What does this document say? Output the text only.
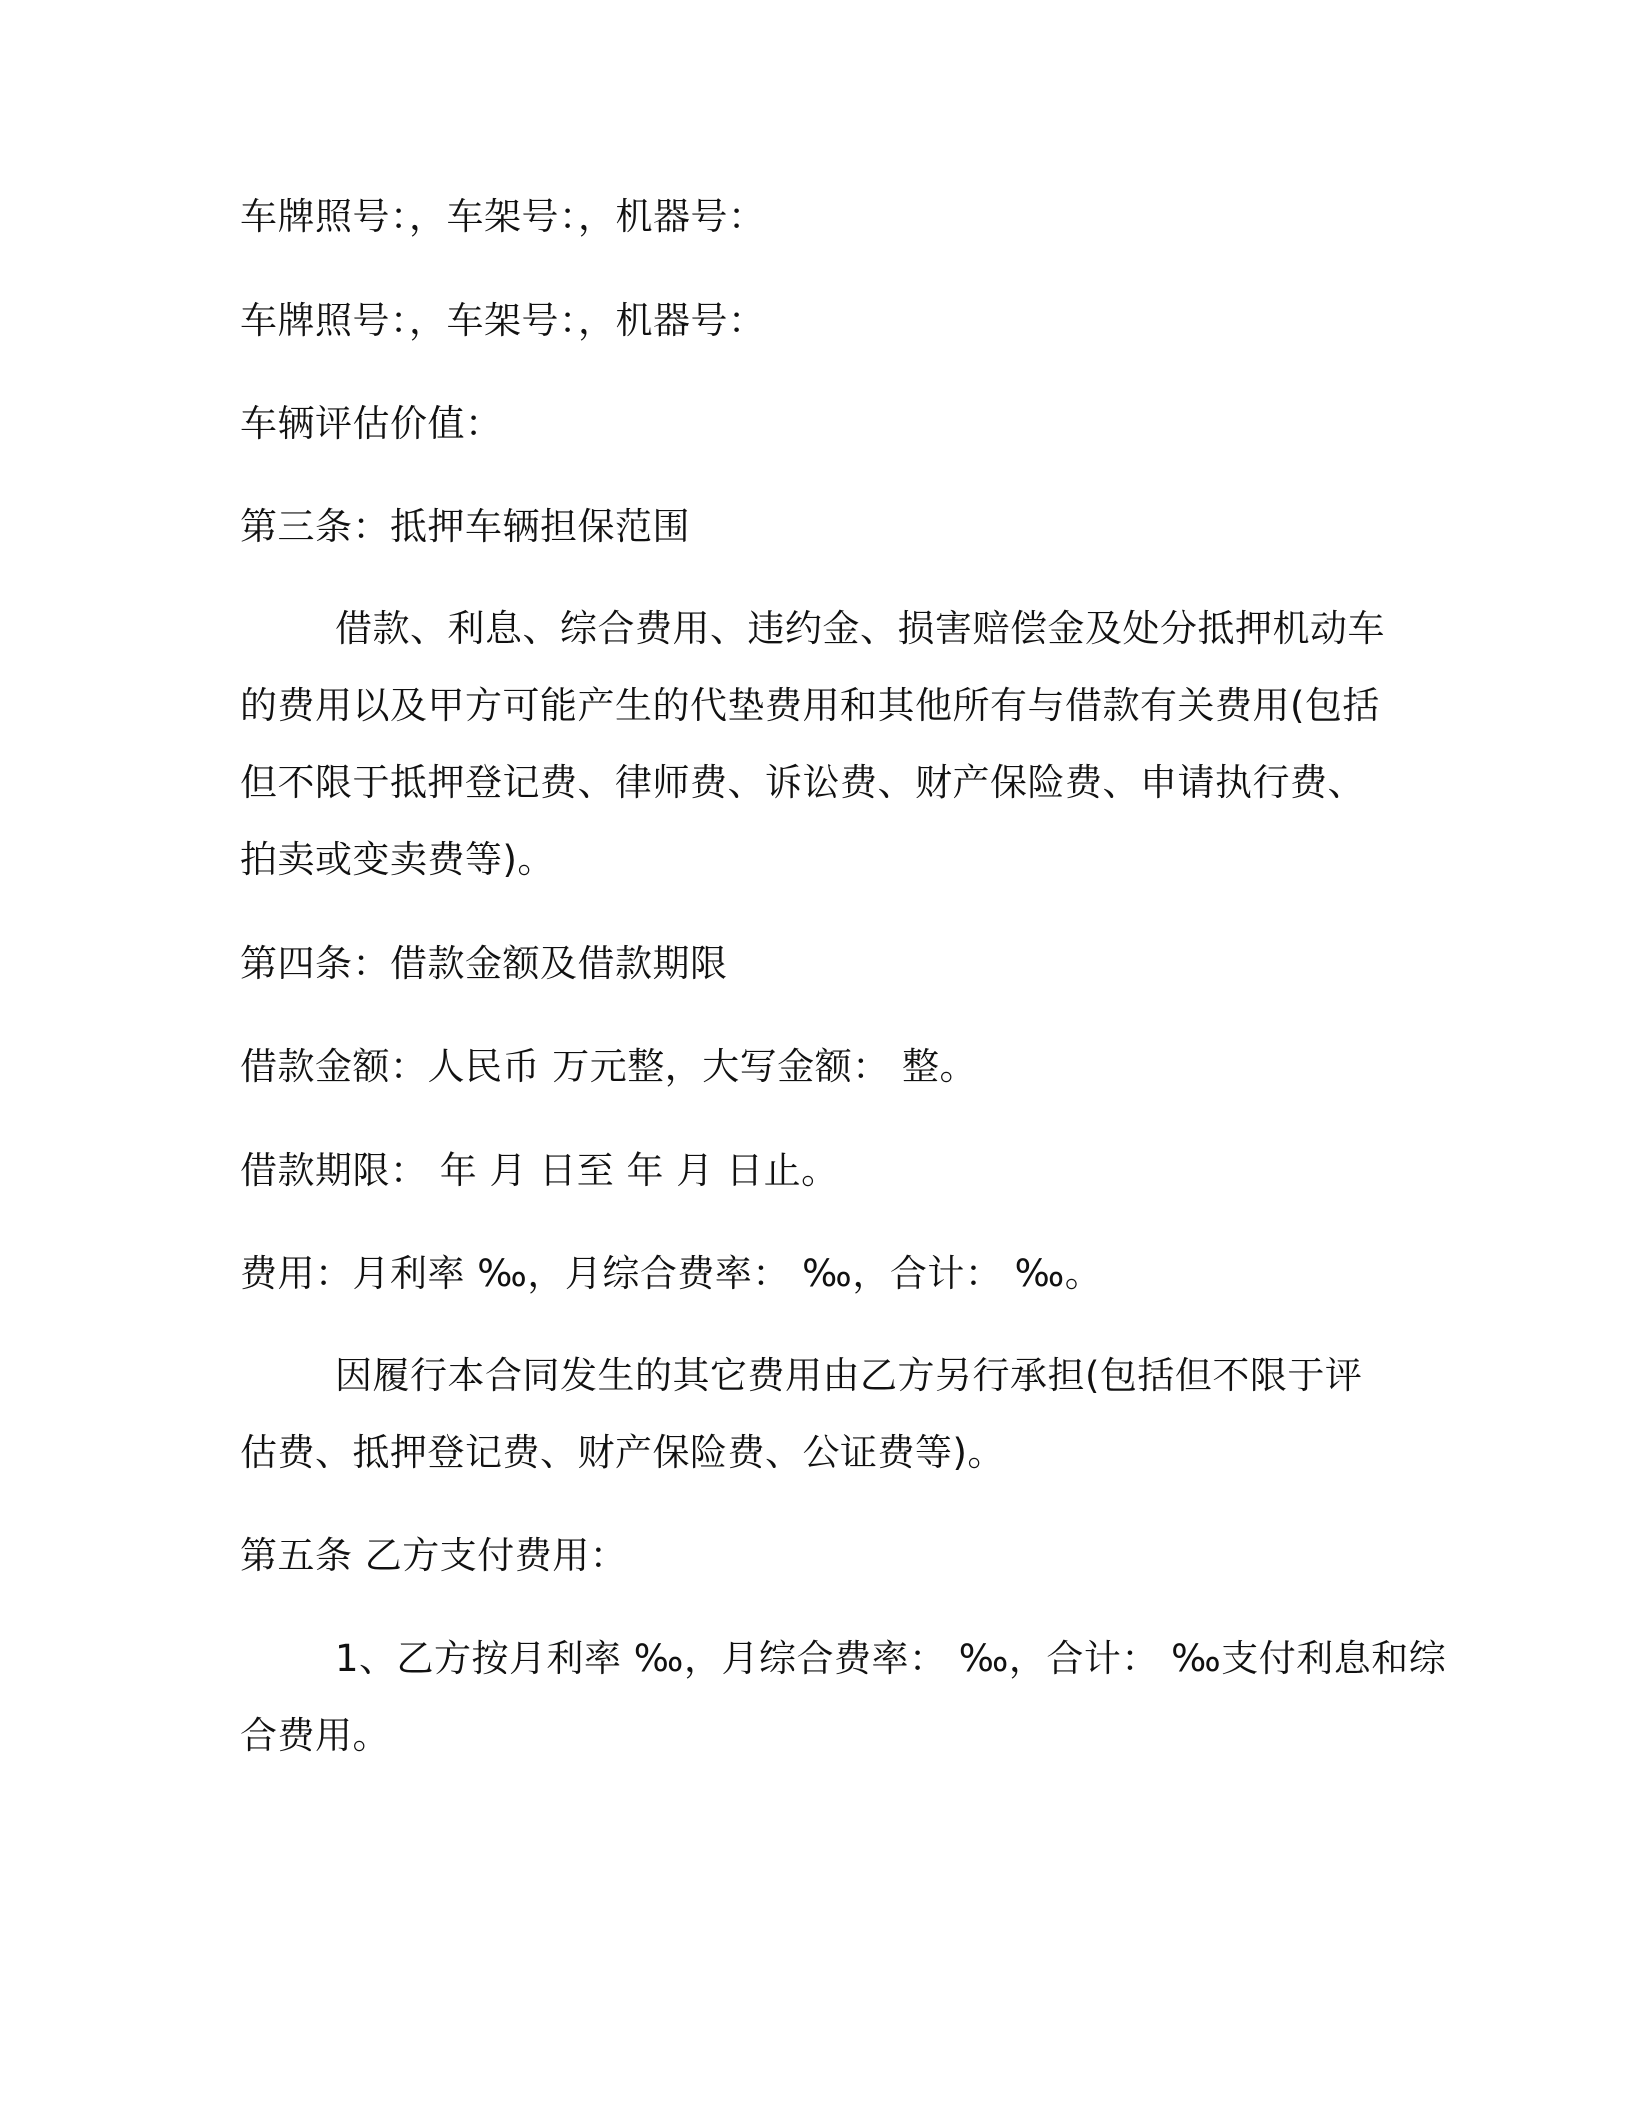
车牌照号：，车架号：，机器号：

车牌照号：，车架号：，机器号：

车辆评估价值：

第三条：抵押车辆担保范围

借款、利息、综合费用、违约金、损害赔偿金及处分抵押机动车
的费用以及甲方可能产生的代垫费用和其他所有与借款有关费用(包括
但不限于抵押登记费、律师费、诉讼费、财产保险费、申请执行费、
拍卖或变卖费等)。

第四条：借款金额及借款期限

借款金额：人民币 万元整，大写金额： 整。

借款期限： 年 月 日至 年 月 日止。

费用：月利率 ‰，月综合费率： ‰，合计： ‰。

因履行本合同发生的其它费用由乙方另行承担(包括但不限于评
估费、抵押登记费、财产保险费、公证费等)。

第五条 乙方支付费用：

1、乙方按月利率 ‰，月综合费率： ‰，合计： ‰支付利息和综
合费用。
